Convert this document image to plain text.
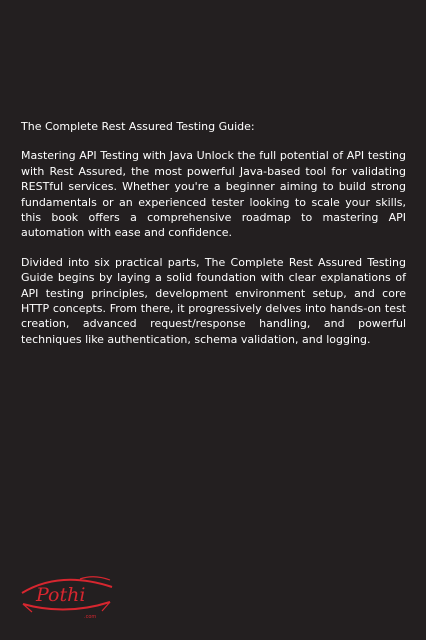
The Complete Rest Assured Testing Guide:

Mastering API Testing with Java Unlock the full potential of API testing with Rest Assured, the most powerful Java-based tool for validating RESTful services. Whether you're a beginner aiming to build strong fundamentals or an experienced tester looking to scale your skills, this book offers a comprehensive roadmap to mastering API automation with ease and confidence.

Divided into six practical parts, The Complete Rest Assured Testing Guide begins by laying a solid foundation with clear explanations of API testing principles, development environment setup, and core HTTP concepts. From there, it progressively delves into hands-on test creation, advanced request/response handling, and powerful techniques like authentication, schema validation, and logging.

Pothi
.com
